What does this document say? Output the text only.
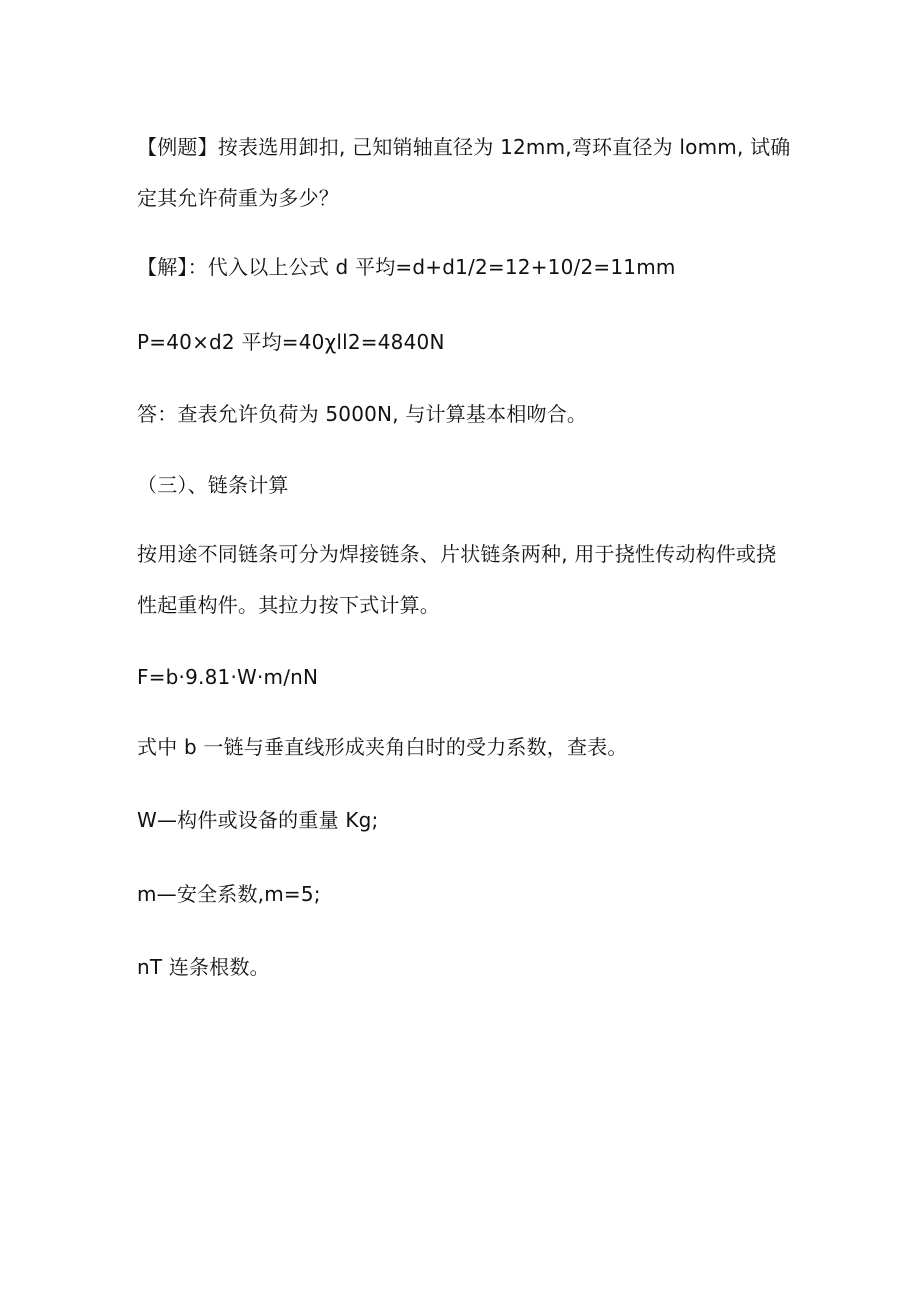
【例题】按表选用卸扣, 己知销轴直径为 12mm,弯环直径为 lomm, 试确
定其允许荷重为多少？
【解】：代入以上公式 d 平均=d+d1/2=12+10/2=11mm
P=40×d2 平均=40χll2=4840N
答：查表允许负荷为 5000N, 与计算基本相吻合。
（三）、链条计算
按用途不同链条可分为焊接链条、片状链条两种, 用于挠性传动构件或挠
性起重构件。其拉力按下式计算。
F=b·9.81·W·m∕nN
式中 b 一链与垂直线形成夹角白时的受力系数，查表。
W—构件或设备的重量 Kg;
m—安全系数,m=5;
nT 连条根数。
